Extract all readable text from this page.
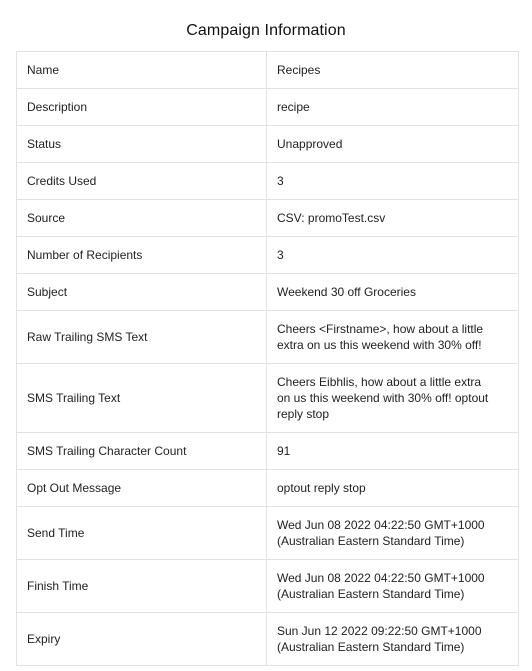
Campaign Information
Name	Recipes

Description	recipe

Status	Unapproved

Credits Used	3

Source	CSV: promoTest.csv

Number of Recipients	3

Subject	Weekend 30 off Groceries

Raw Trailing SMS Text	Cheers <Firstname>, how about a little
extra on us this weekend with 30% off!

SMS Trailing Text	Cheers Eibhlis, how about a little extra
on us this weekend with 30% off! optout
reply stop

SMS Trailing Character Count	91

Opt Out Message	optout reply stop

Send Time	Wed Jun 08 2022 04:22:50 GMT+1000
(Australian Eastern Standard Time)

Finish Time	Wed Jun 08 2022 04:22:50 GMT+1000
(Australian Eastern Standard Time)

Expiry	Sun Jun 12 2022 09:22:50 GMT+1000
(Australian Eastern Standard Time)
